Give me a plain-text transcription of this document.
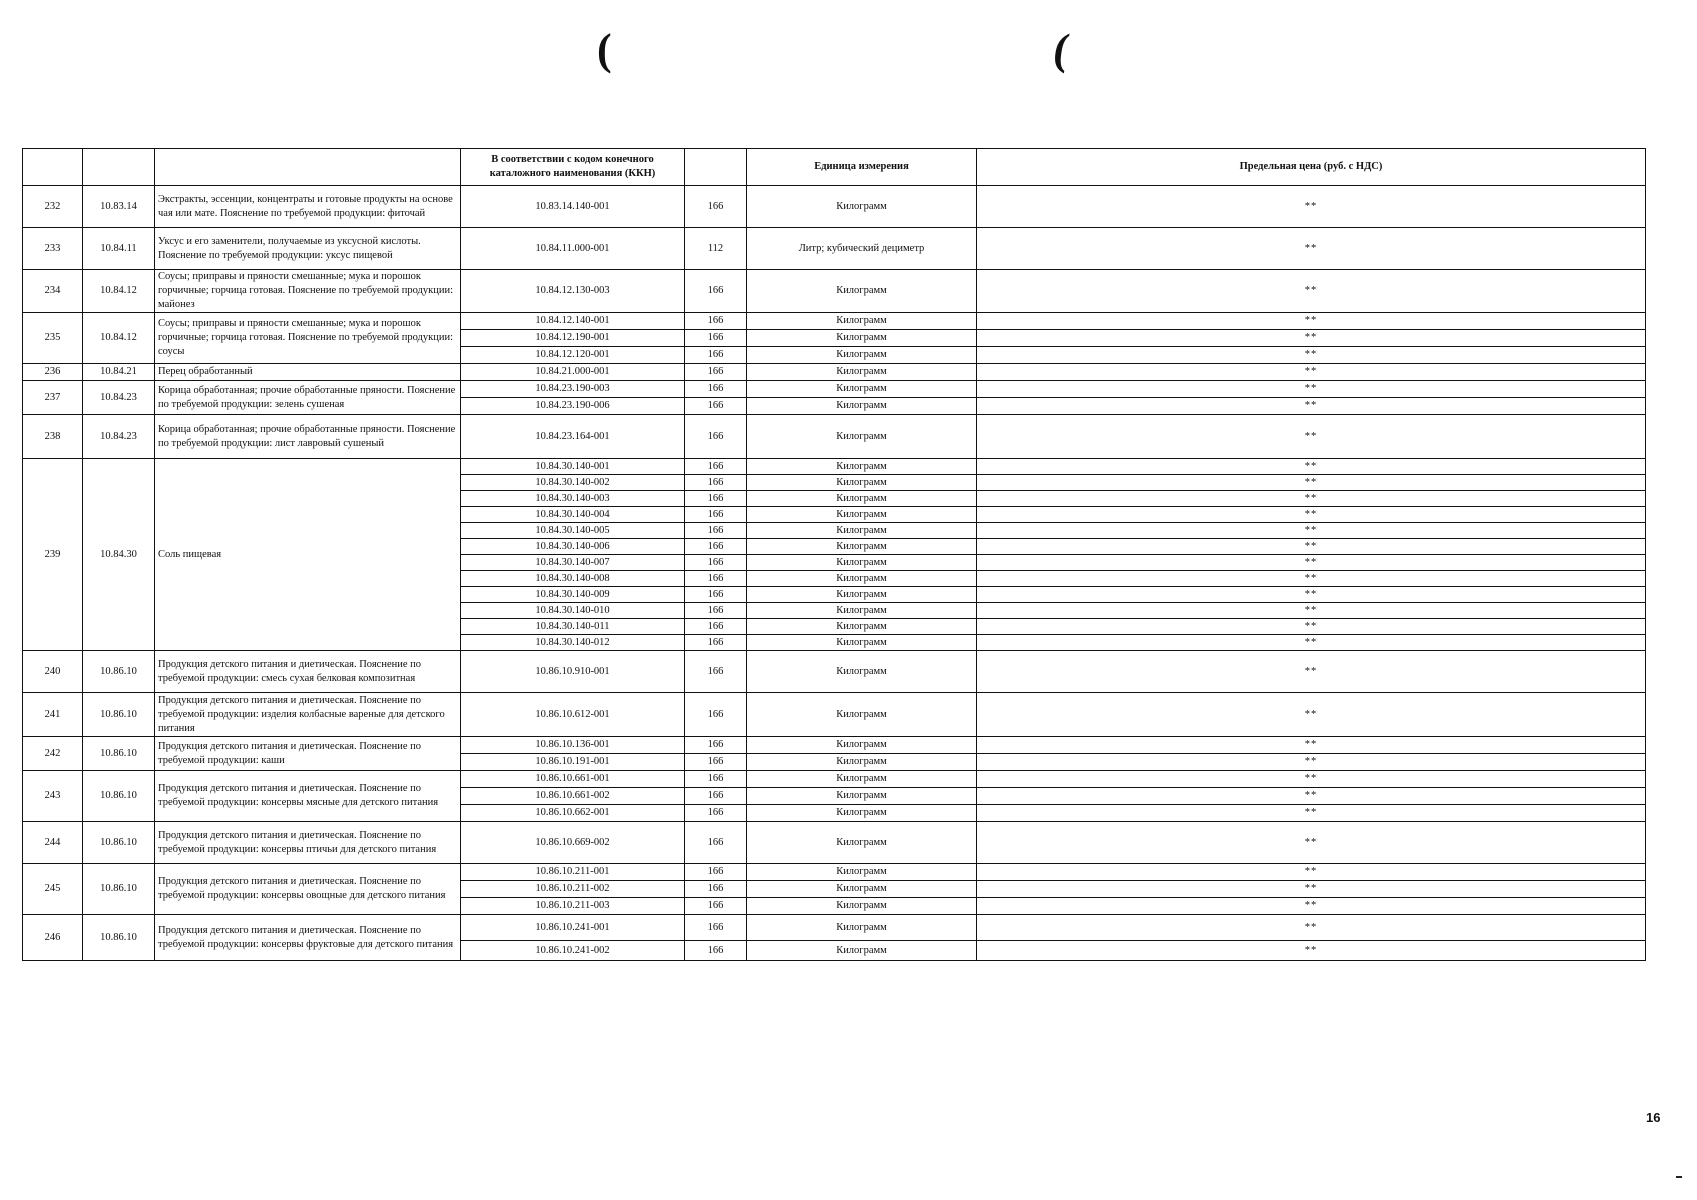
(	(
			В соответствии с кодом конечного каталожного наименования (ККН)		Единица измерения	Предельная цена (руб. с НДС)
232	10.83.14	Экстракты, эссенции, концентраты и готовые продукты на основе чая или мате. Пояснение по требуемой продукции: фиточай	10.83.14.140-001	166	Килограмм	**
233	10.84.11	Уксус и его заменители, получаемые из уксусной кислоты. Пояснение по требуемой продукции: уксус пищевой	10.84.11.000-001	112	Литр; кубический дециметр	**
234	10.84.12	Соусы; приправы и пряности смешанные; мука и порошок горчичные; горчица готовая. Пояснение по требуемой продукции: майонез	10.84.12.130-003	166	Килограмм	**
235	10.84.12	Соусы; приправы и пряности смешанные; мука и порошок горчичные; горчица готовая. Пояснение по требуемой продукции: соусы	10.84.12.140-001	166	Килограмм	**
			10.84.12.190-001	166	Килограмм	**
			10.84.12.120-001	166	Килограмм	**
236	10.84.21	Перец обработанный	10.84.21.000-001	166	Килограмм	**
237	10.84.23	Корица обработанная; прочие обработанные пряности. Пояснение по требуемой продукции: зелень сушеная	10.84.23.190-003	166	Килограмм	**
			10.84.23.190-006	166	Килограмм	**
238	10.84.23	Корица обработанная; прочие обработанные пряности. Пояснение по требуемой продукции: лист лавровый сушеный	10.84.23.164-001	166	Килограмм	**
239	10.84.30	Соль пищевая	10.84.30.140-001	166	Килограмм	**
			10.84.30.140-002	166	Килограмм	**
			10.84.30.140-003	166	Килограмм	**
			10.84.30.140-004	166	Килограмм	**
			10.84.30.140-005	166	Килограмм	**
			10.84.30.140-006	166	Килограмм	**
			10.84.30.140-007	166	Килограмм	**
			10.84.30.140-008	166	Килограмм	**
			10.84.30.140-009	166	Килограмм	**
			10.84.30.140-010	166	Килограмм	**
			10.84.30.140-011	166	Килограмм	**
			10.84.30.140-012	166	Килограмм	**
240	10.86.10	Продукция детского питания и диетическая. Пояснение по требуемой продукции: смесь сухая белковая композитная	10.86.10.910-001	166	Килограмм	**
241	10.86.10	Продукция детского питания и диетическая. Пояснение по требуемой продукции: изделия колбасные вареные для детского питания	10.86.10.612-001	166	Килограмм	**
242	10.86.10	Продукция детского питания и диетическая. Пояснение по требуемой продукции: каши	10.86.10.136-001	166	Килограмм	**
			10.86.10.191-001	166	Килограмм	**
243	10.86.10	Продукция детского питания и диетическая. Пояснение по требуемой продукции: консервы мясные для детского питания	10.86.10.661-001	166	Килограмм	**
			10.86.10.661-002	166	Килограмм	**
			10.86.10.662-001	166	Килограмм	**
244	10.86.10	Продукция детского питания и диетическая. Пояснение по требуемой продукции: консервы птичьи для детского питания	10.86.10.669-002	166	Килограмм	**
245	10.86.10	Продукция детского питания и диетическая. Пояснение по требуемой продукции: консервы овощные для детского питания	10.86.10.211-001	166	Килограмм	**
			10.86.10.211-002	166	Килограмм	**
			10.86.10.211-003	166	Килограмм	**
246	10.86.10	Продукция детского питания и диетическая. Пояснение по требуемой продукции: консервы фруктовые для детского питания	10.86.10.241-001	166	Килограмм	**
			10.86.10.241-002	166	Килограмм	**
16
